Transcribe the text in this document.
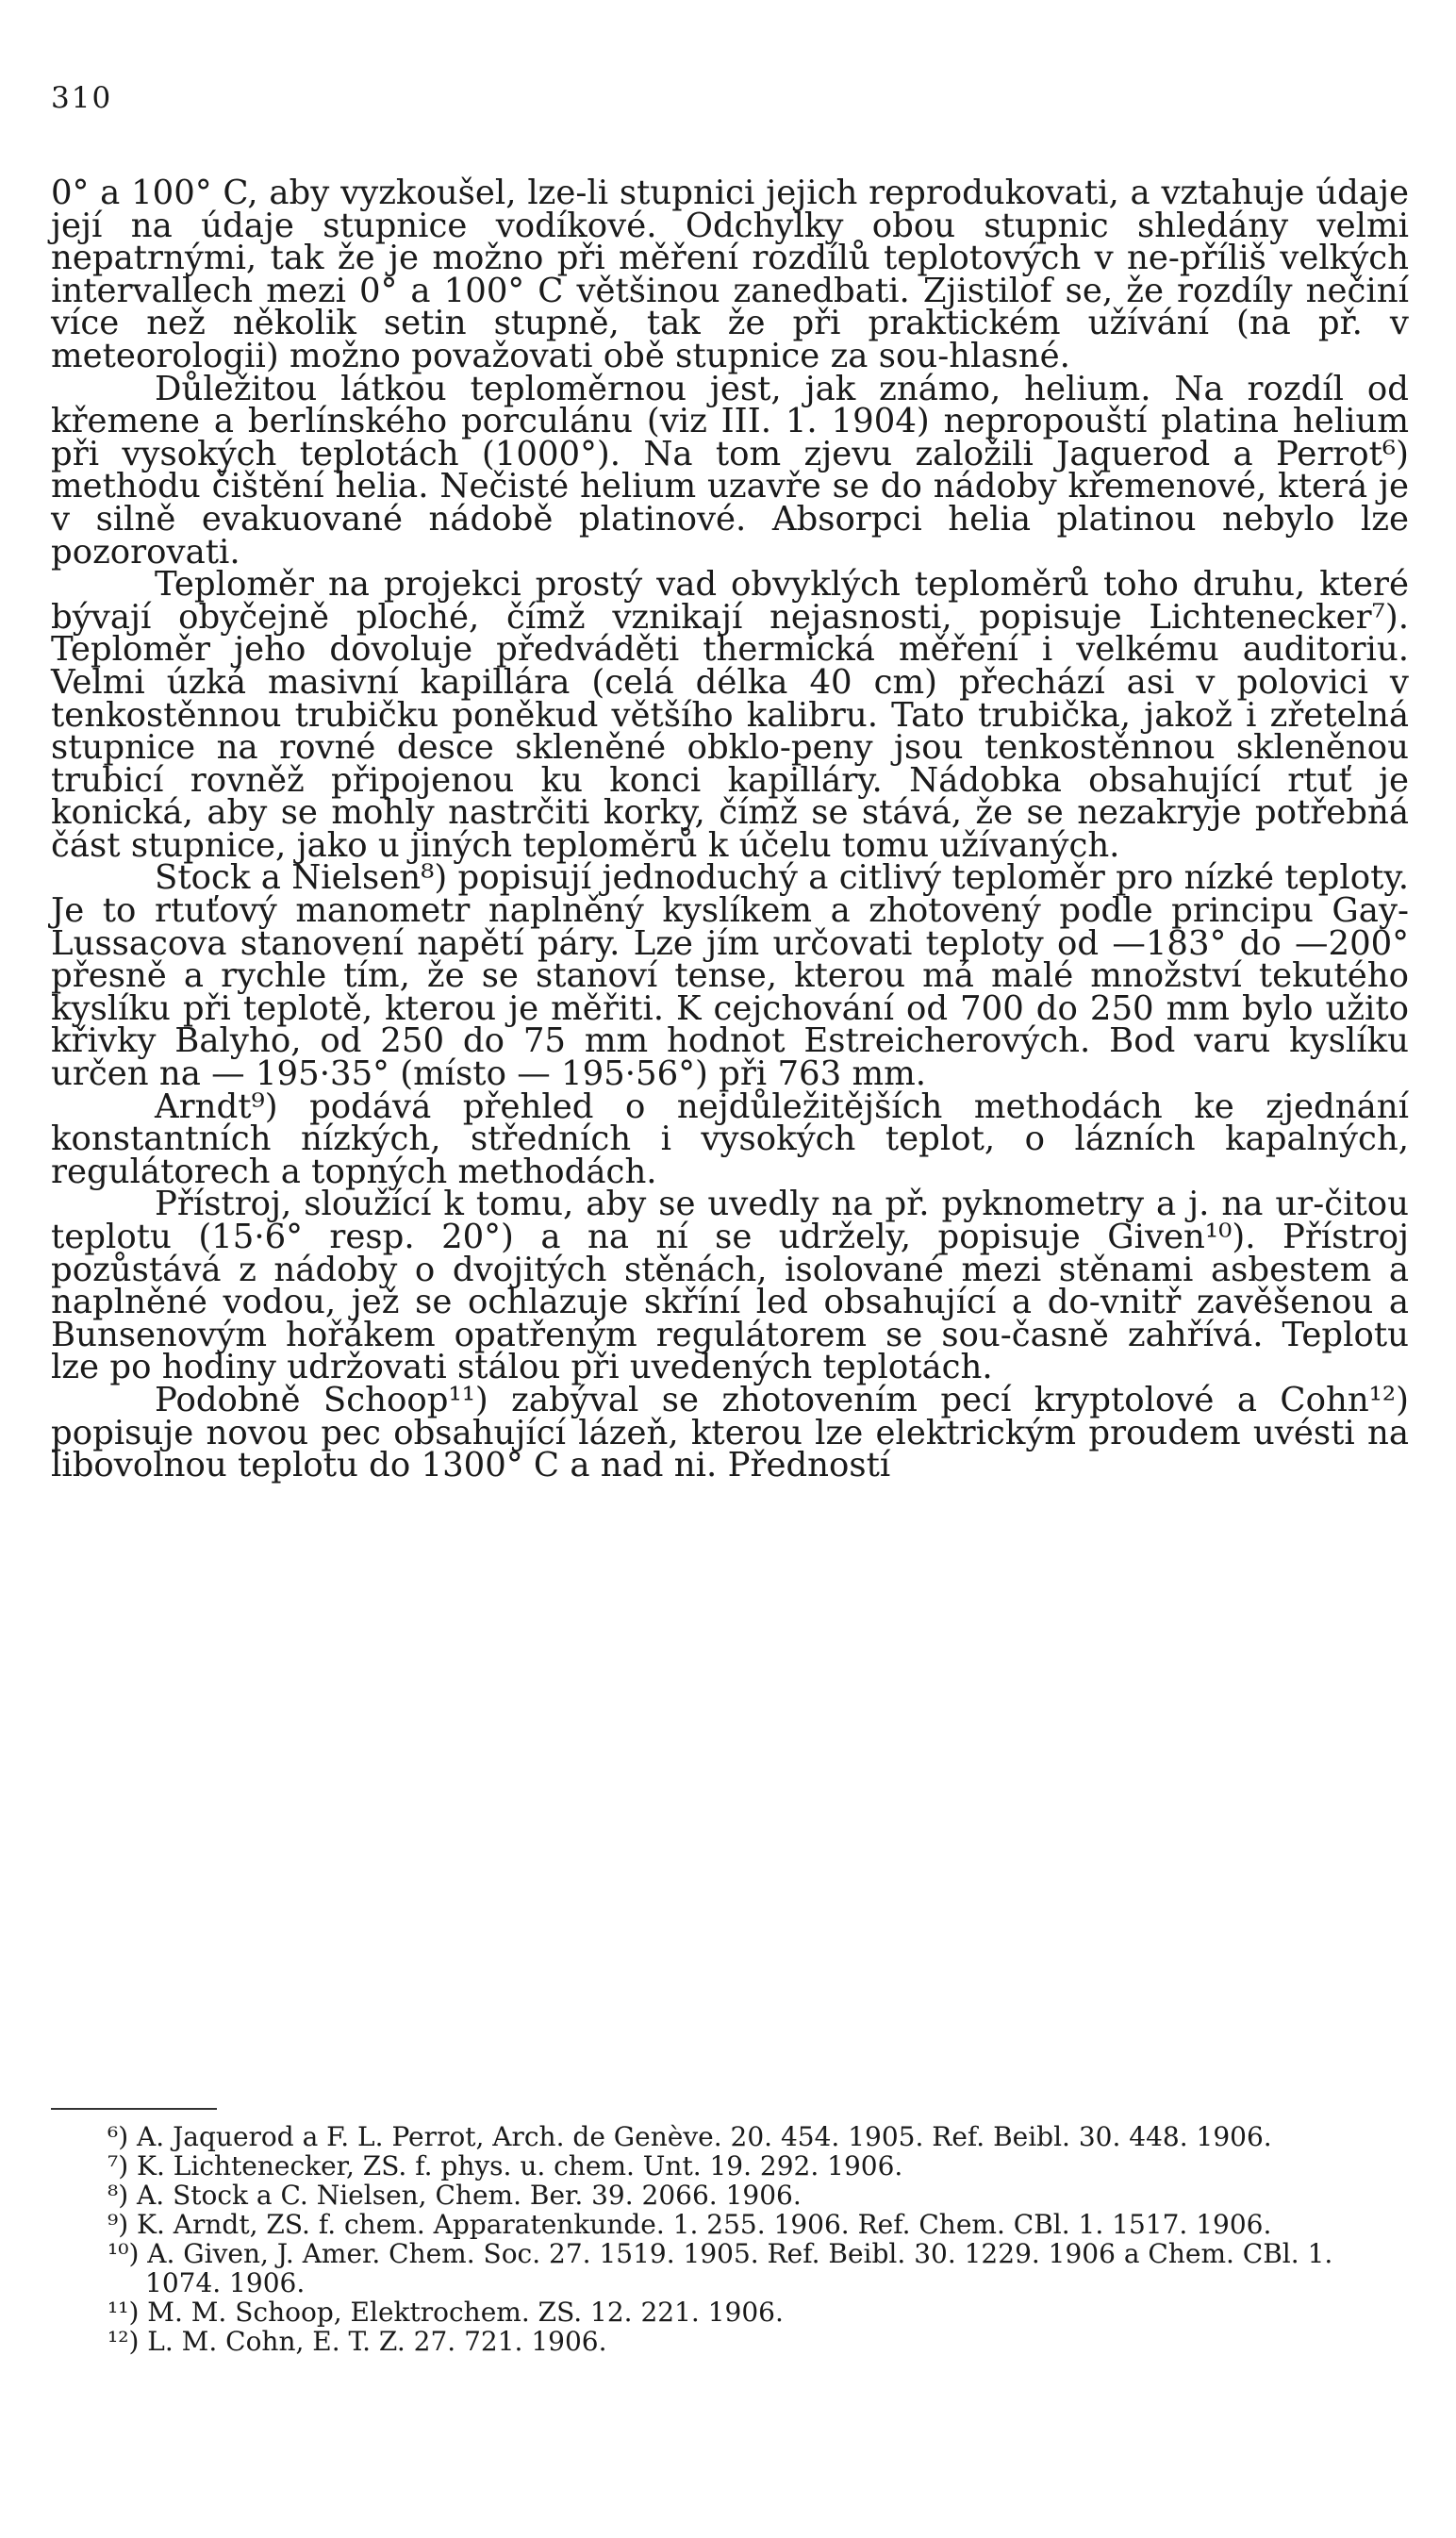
310

0° a 100° C, aby vyzkoušel, lze-li stupnici jejich reprodukovati, a vztahuje údaje její na údaje stupnice vodíkové. Odchylky obou stupnic shledány velmi nepatrnými, tak že je možno při měření rozdílů teplotových v ne-příliš velkých intervallech mezi 0° a 100° C většinou zanedbati. Zjistilof se, že rozdíly nečiní více než několik setin stupně, tak že při praktickém užívání (na př. v meteorologii) možno považovati obě stupnice za sou-hlasné.

Důležitou látkou teploměrnou jest, jak známo, helium. Na rozdíl od křemene a berlínského porculánu (viz III. 1. 1904) nepropouští platina helium při vysokých teplotách (1000°). Na tom zjevu založili Jaquerod a Perrot⁶) methodu čištění helia. Nečisté helium uzavře se do nádoby křemenové, která je v silně evakuované nádobě platinové. Absorpci helia platinou nebylo lze pozorovati.

Teploměr na projekci prostý vad obvyklých teploměrů toho druhu, které bývají obyčejně ploché, čímž vznikají nejasnosti, popisuje Lichtenecker⁷). Teploměr jeho dovoluje předváděti thermická měření i velkému auditoriu. Velmi úzká masivní kapillára (celá délka 40 cm) přechází asi v polovici v tenkostěnnou trubičku poněkud většího kalibru. Tato trubička, jakož i zřetelná stupnice na rovné desce skleněné obklo-peny jsou tenkostěnnou skleněnou trubicí rovněž připojenou ku konci kapilláry. Nádobka obsahující rtuť je konická, aby se mohly nastrčiti korky, čímž se stává, že se nezakryje potřebná část stupnice, jako u jiných teploměrů k účelu tomu užívaných.

Stock a Nielsen⁸) popisují jednoduchý a citlivý teploměr pro nízké teploty. Je to rtuťový manometr naplněný kyslíkem a zhotovený podle principu Gay-Lussacova stanovení napětí páry. Lze jím určovati teploty od —183° do —200° přesně a rychle tím, že se stanoví tense, kterou má malé množství tekutého kyslíku při teplotě, kterou je měřiti. K cejchování od 700 do 250 mm bylo užito křivky Balyho, od 250 do 75 mm hodnot Estreicherových. Bod varu kyslíku určen na — 195·35° (místo — 195·56°) při 763 mm.

Arndt⁹) podává přehled o nejdůležitějších methodách ke zjednání konstantních nízkých, středních i vysokých teplot, o lázních kapalných, regulátorech a topných methodách.

Přístroj, sloužící k tomu, aby se uvedly na př. pyknometry a j. na ur-čitou teplotu (15·6° resp. 20°) a na ní se udržely, popisuje Given¹⁰). Přístroj pozůstává z nádoby o dvojitých stěnách, isolované mezi stěnami asbestem a naplněné vodou, jež se ochlazuje skříní led obsahující a do-vnitř zavěšenou a Bunsenovým hořákem opatřeným regulátorem se sou-časně zahřívá. Teplotu lze po hodiny udržovati stálou při uvedených teplotách.

Podobně Schoop¹¹) zabýval se zhotovením pecí kryptolové a Cohn¹²) popisuje novou pec obsahující lázeň, kterou lze elektrickým proudem uvésti na libovolnou teplotu do 1300° C a nad ni. Předností

⁶) A. Jaquerod a F. L. Perrot, Arch. de Genève. 20. 454. 1905. Ref. Beibl. 30. 448. 1906.

⁷) K. Lichtenecker, ZS. f. phys. u. chem. Unt. 19. 292. 1906.

⁸) A. Stock a C. Nielsen, Chem. Ber. 39. 2066. 1906.

⁹) K. Arndt, ZS. f. chem. Apparatenkunde. 1. 255. 1906. Ref. Chem. CBl. 1. 1517. 1906.

¹⁰) A. Given, J. Amer. Chem. Soc. 27. 1519. 1905. Ref. Beibl. 30. 1229. 1906 a Chem. CBl. 1. 1074. 1906.

¹¹) M. M. Schoop, Elektrochem. ZS. 12. 221. 1906.

¹²) L. M. Cohn, E. T. Z. 27. 721. 1906.
